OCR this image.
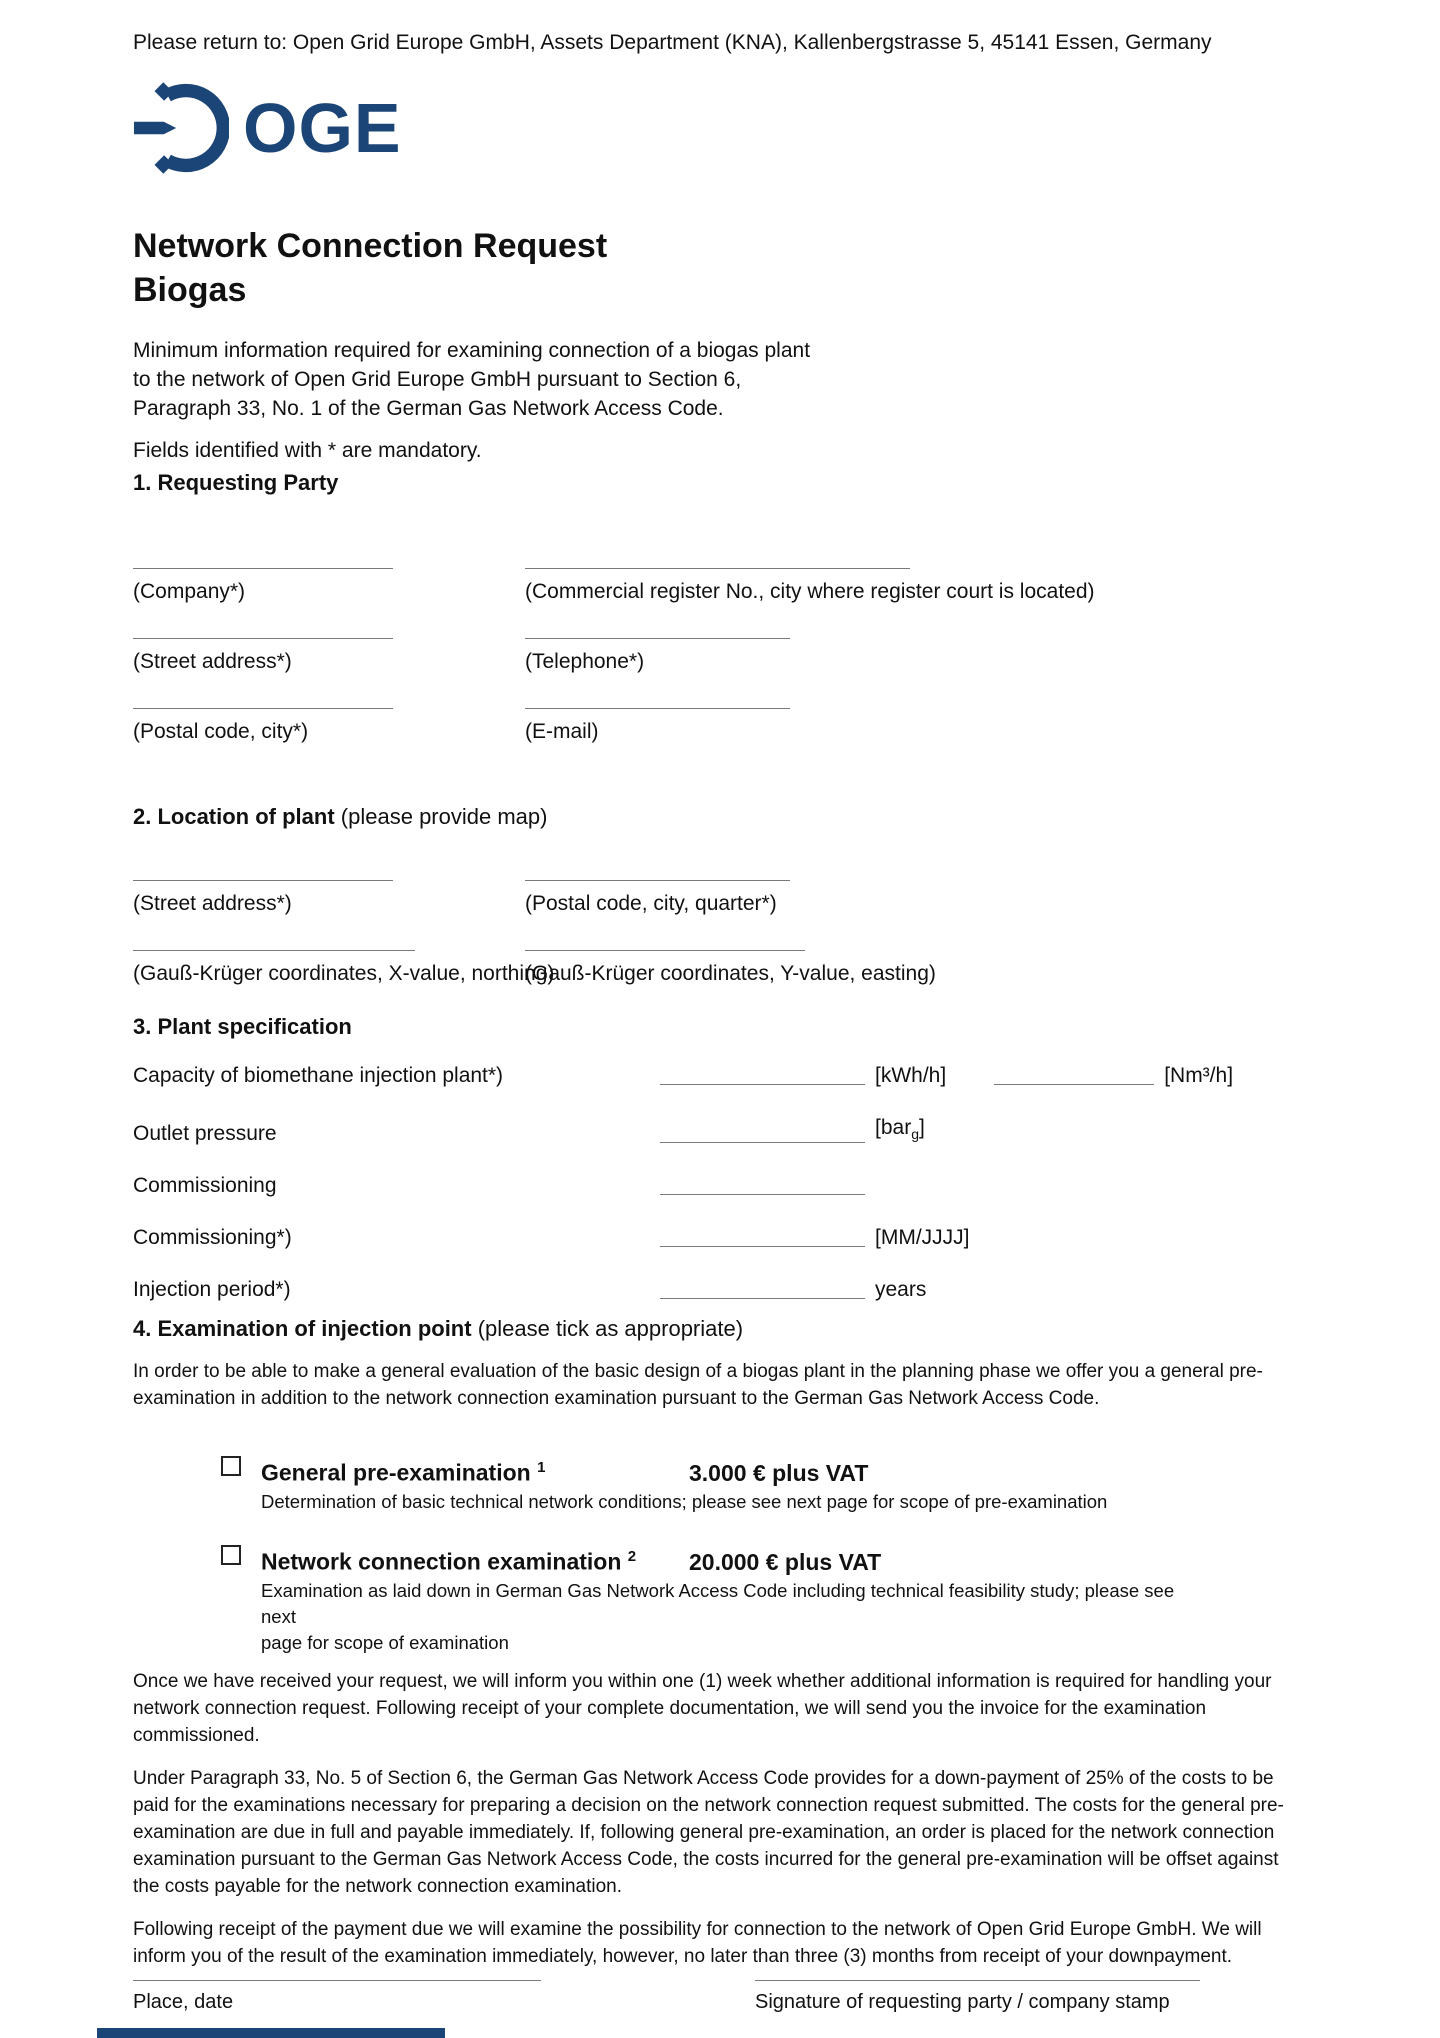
Please return to: Open Grid Europe GmbH, Assets Department (KNA), Kallenbergstrasse 5, 45141 Essen, Germany
OGE
Network Connection Request
Biogas
Minimum information required for examining connection of a biogas plant
to the network of Open Grid Europe GmbH pursuant to Section 6,
Paragraph 33, No. 1 of the German Gas Network Access Code.
Fields identified with * are mandatory.
1. Requesting Party
(Company*)	(Commercial register No., city where register court is located)
(Street address*)	(Telephone*)
(Postal code, city*)	(E-mail)
2. Location of plant (please provide map)
(Street address*)	(Postal code, city, quarter*)
(Gauß-Krüger coordinates, X-value, northing)
(Gauß-Krüger coordinates, Y-value, easting)
3. Plant specification
Capacity of biomethane injection plant*)	[kWh/h]	[Nm³/h]
Outlet pressure	[bar$_g$]
Commissioning
Commissioning*)	[MM/JJJJ]
Injection period*)	years
4. Examination of injection point (please tick as appropriate)
In order to be able to make a general evaluation of the basic design of a biogas plant in the planning phase we offer you a general pre-examination in addition to the network connection examination pursuant to the German Gas Network Access Code.
General pre-examination $^1$	3.000 € plus VAT
Determination of basic technical network conditions; please see next page for scope of pre-examination
Network connection examination $^2$	20.000 € plus VAT
Examination as laid down in German Gas Network Access Code including technical feasibility study; please see next
page for scope of examination

Once we have received your request, we will inform you within one (1) week whether additional information is required for handling your network connection request. Following receipt of your complete documentation, we will send you the invoice for the examination commissioned.

Under Paragraph 33, No. 5 of Section 6, the German Gas Network Access Code provides for a down-payment of 25% of the costs to be paid for the examinations necessary for preparing a decision on the network connection request submitted. The costs for the general pre-examination are due in full and payable immediately. If, following general pre-examination, an order is placed for the network connection examination pursuant to the German Gas Network Access Code, the costs incurred for the general pre-examination will be offset against the costs payable for the network connection examination.

Following receipt of the payment due we will examine the possibility for connection to the network of Open Grid Europe GmbH. We will inform you of the result of the examination immediately, however, no later than three (3) months from receipt of your downpayment.

Place, date	Signature of requesting party / company stamp
